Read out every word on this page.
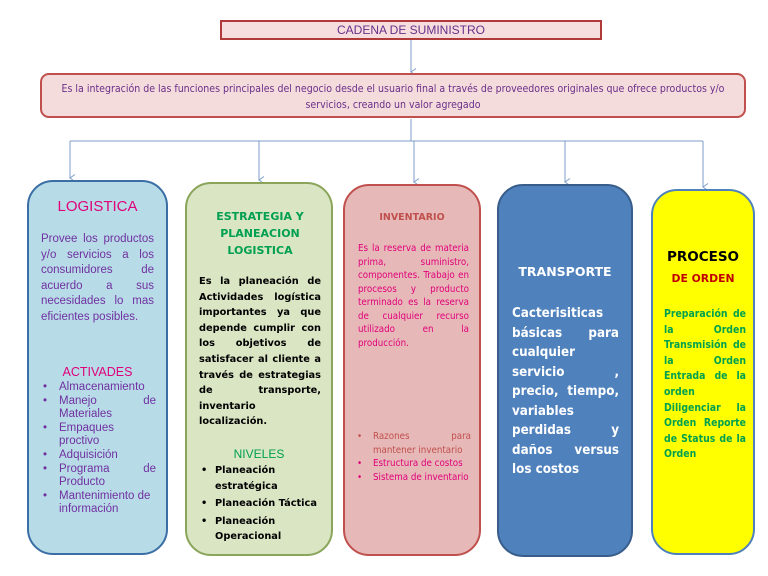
CADENA DE SUMINISTRO
Es la integración de las funciones principales del negocio desde el usuario final a través de proveedores originales que ofrece productos y/o servicios, creando un valor agregado
LOGISTICA
Provee los productos y/o servicios a los consumidores de acuerdo a sus necesidades lo mas eficientes posibles.
ACTIVADES
• Almacenamiento
• Manejo de Materiales
• Empaques proctivo
• Adquisición
• Programa de Producto
• Mantenimiento de información
ESTRATEGIA Y PLANEACION LOGISTICA
Es la planeación de Actividades logística importantes ya que depende cumplir con los objetivos de satisfacer al cliente a través de estrategias de transporte, inventario localización.
NIVELES
• Planeación estratégica
• Planeación Táctica
• Planeación Operacional
INVENTARIO
Es la reserva de materia prima, suministro, componentes. Trabajo en procesos y producto terminado es la reserva de cualquier recurso utilizado en la producción.
• Razones para mantener inventario
• Estructura de costos
• Sistema de inventario
TRANSPORTE
Cacterisiticas básicas para cualquier servicio , precio, tiempo, variables perdidas y daños versus los costos
PROCESO
DE ORDEN
Preparación de la Orden Transmisión de la Orden Entrada de la orden Diligenciar la Orden Reporte de Status de la Orden
